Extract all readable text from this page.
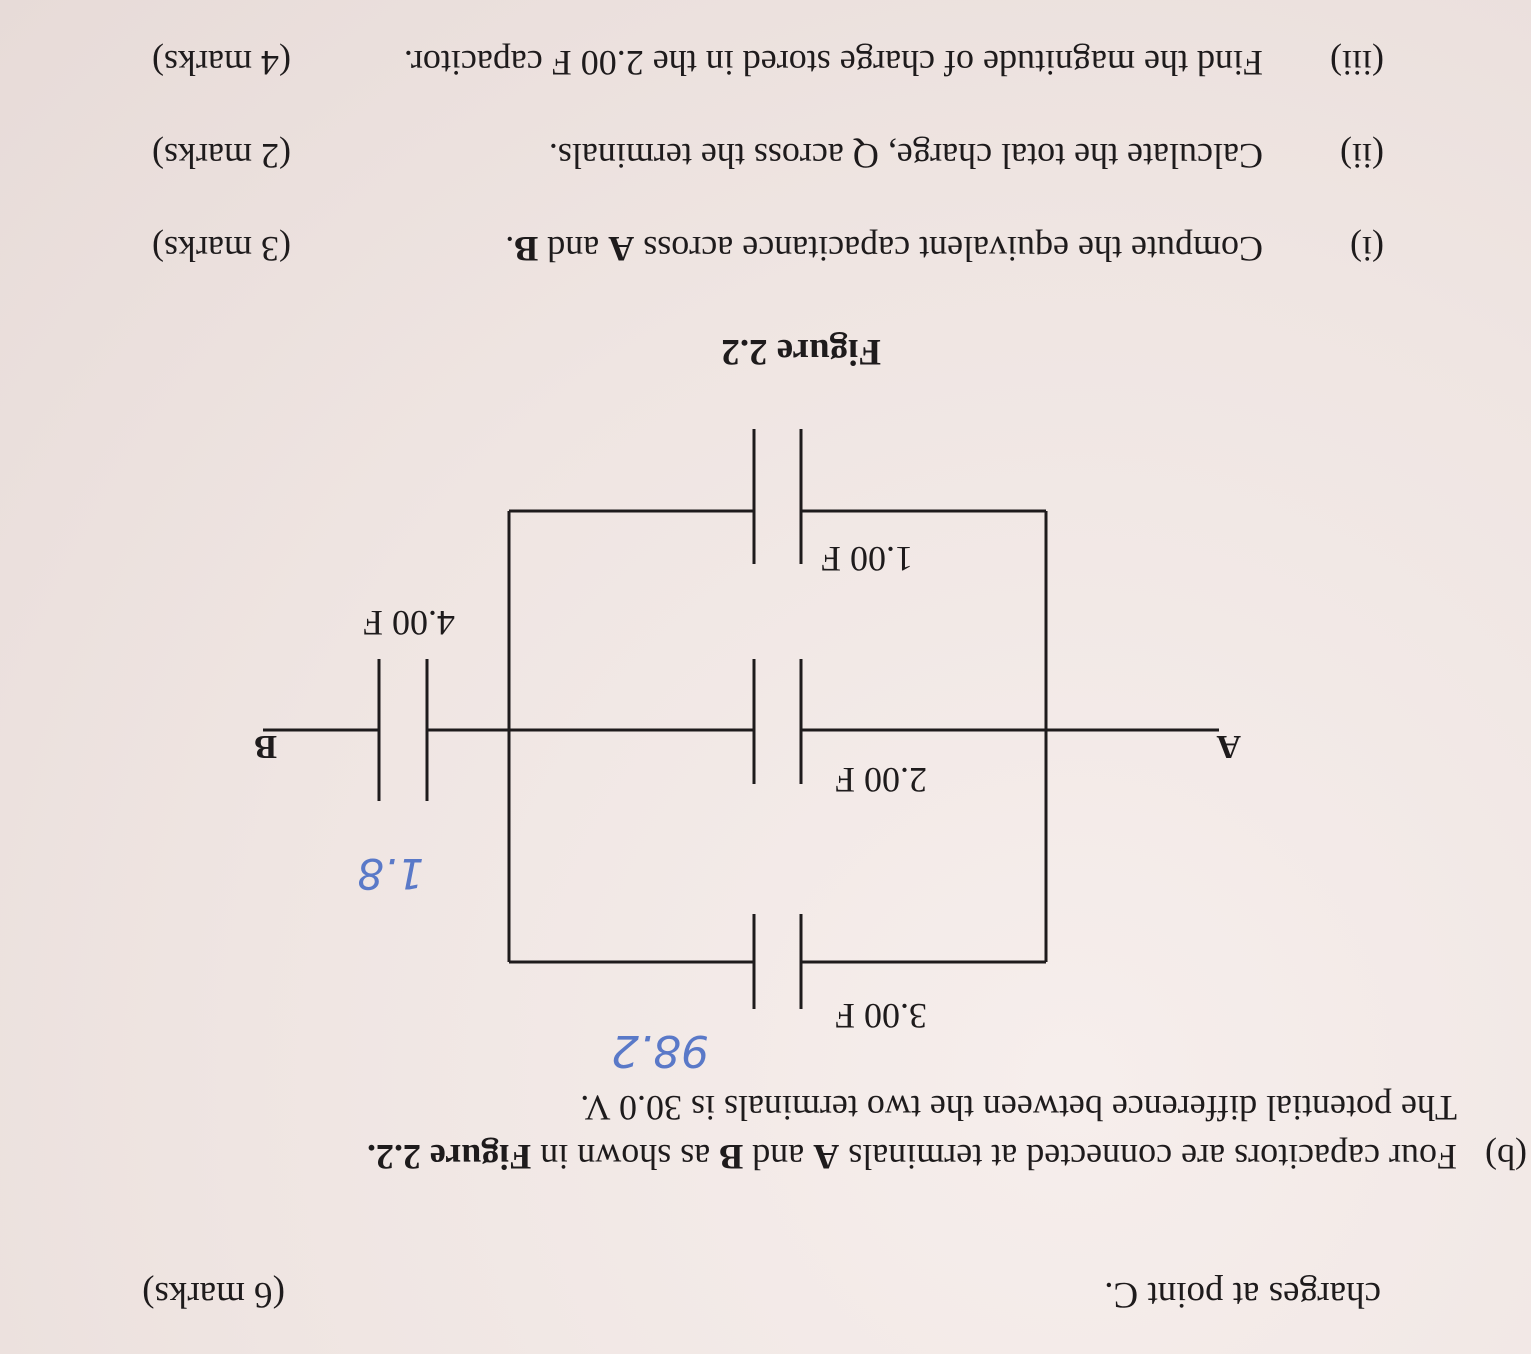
charges at point C.
(6 marks)
(b)
Four capacitors are connected at terminals A and B as shown in Figure 2.2.
The potential difference between the two terminals is 30.0 V.
98.2
1.8
3.00 F
2.00 F
1.00 F
4.00 F
A
B
Figure 2.2
(i)
Compute the equivalent capacitance across A and B.
(3 marks)
(ii)
Calculate the total charge, Q across the terminals.
(2 marks)
(iii)
Find the magnitude of charge stored in the 2.00 F capacitor.
(4 marks)
